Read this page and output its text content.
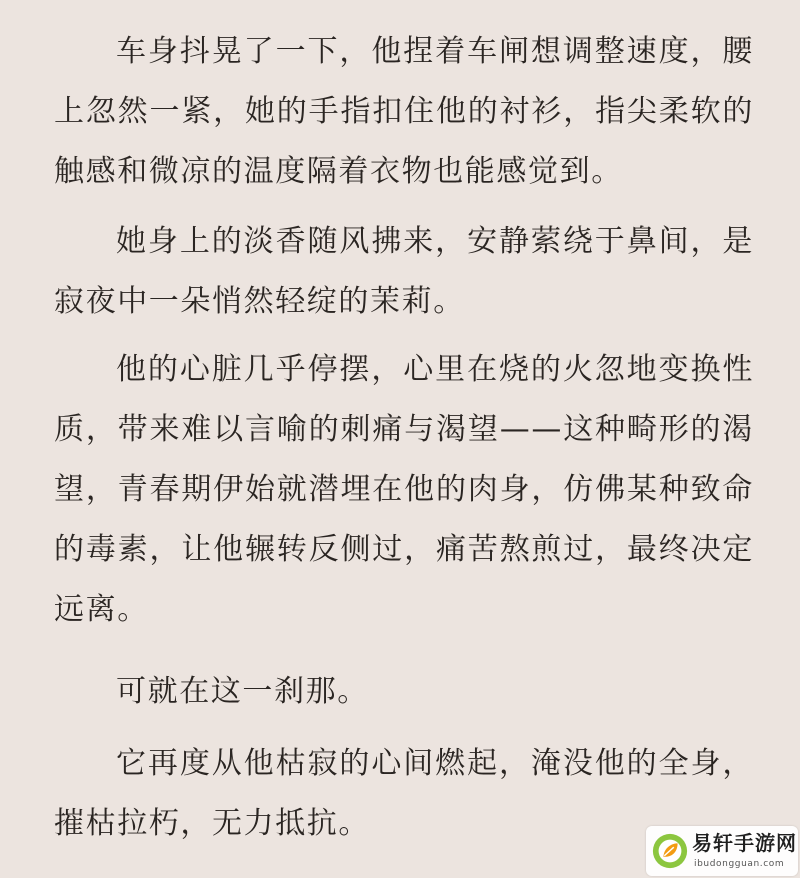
车身抖晃了一下，他捏着车闸想调整速度，腰上忽然一紧，她的手指扣住他的衬衫，指尖柔软的触感和微凉的温度隔着衣物也能感觉到。

她身上的淡香随风拂来，安静萦绕于鼻间，是寂夜中一朵悄然轻绽的茉莉。

他的心脏几乎停摆，心里在烧的火忽地变换性质，带来难以言喻的刺痛与渴望——这种畸形的渴望，青春期伊始就潜埋在他的肉身，仿佛某种致命的毒素，让他辗转反侧过，痛苦熬煎过，最终决定远离。

可就在这一刹那。

它再度从他枯寂的心间燃起，淹没他的全身，摧枯拉朽，无力抵抗。

易轩手游网
ibudongguan.com
